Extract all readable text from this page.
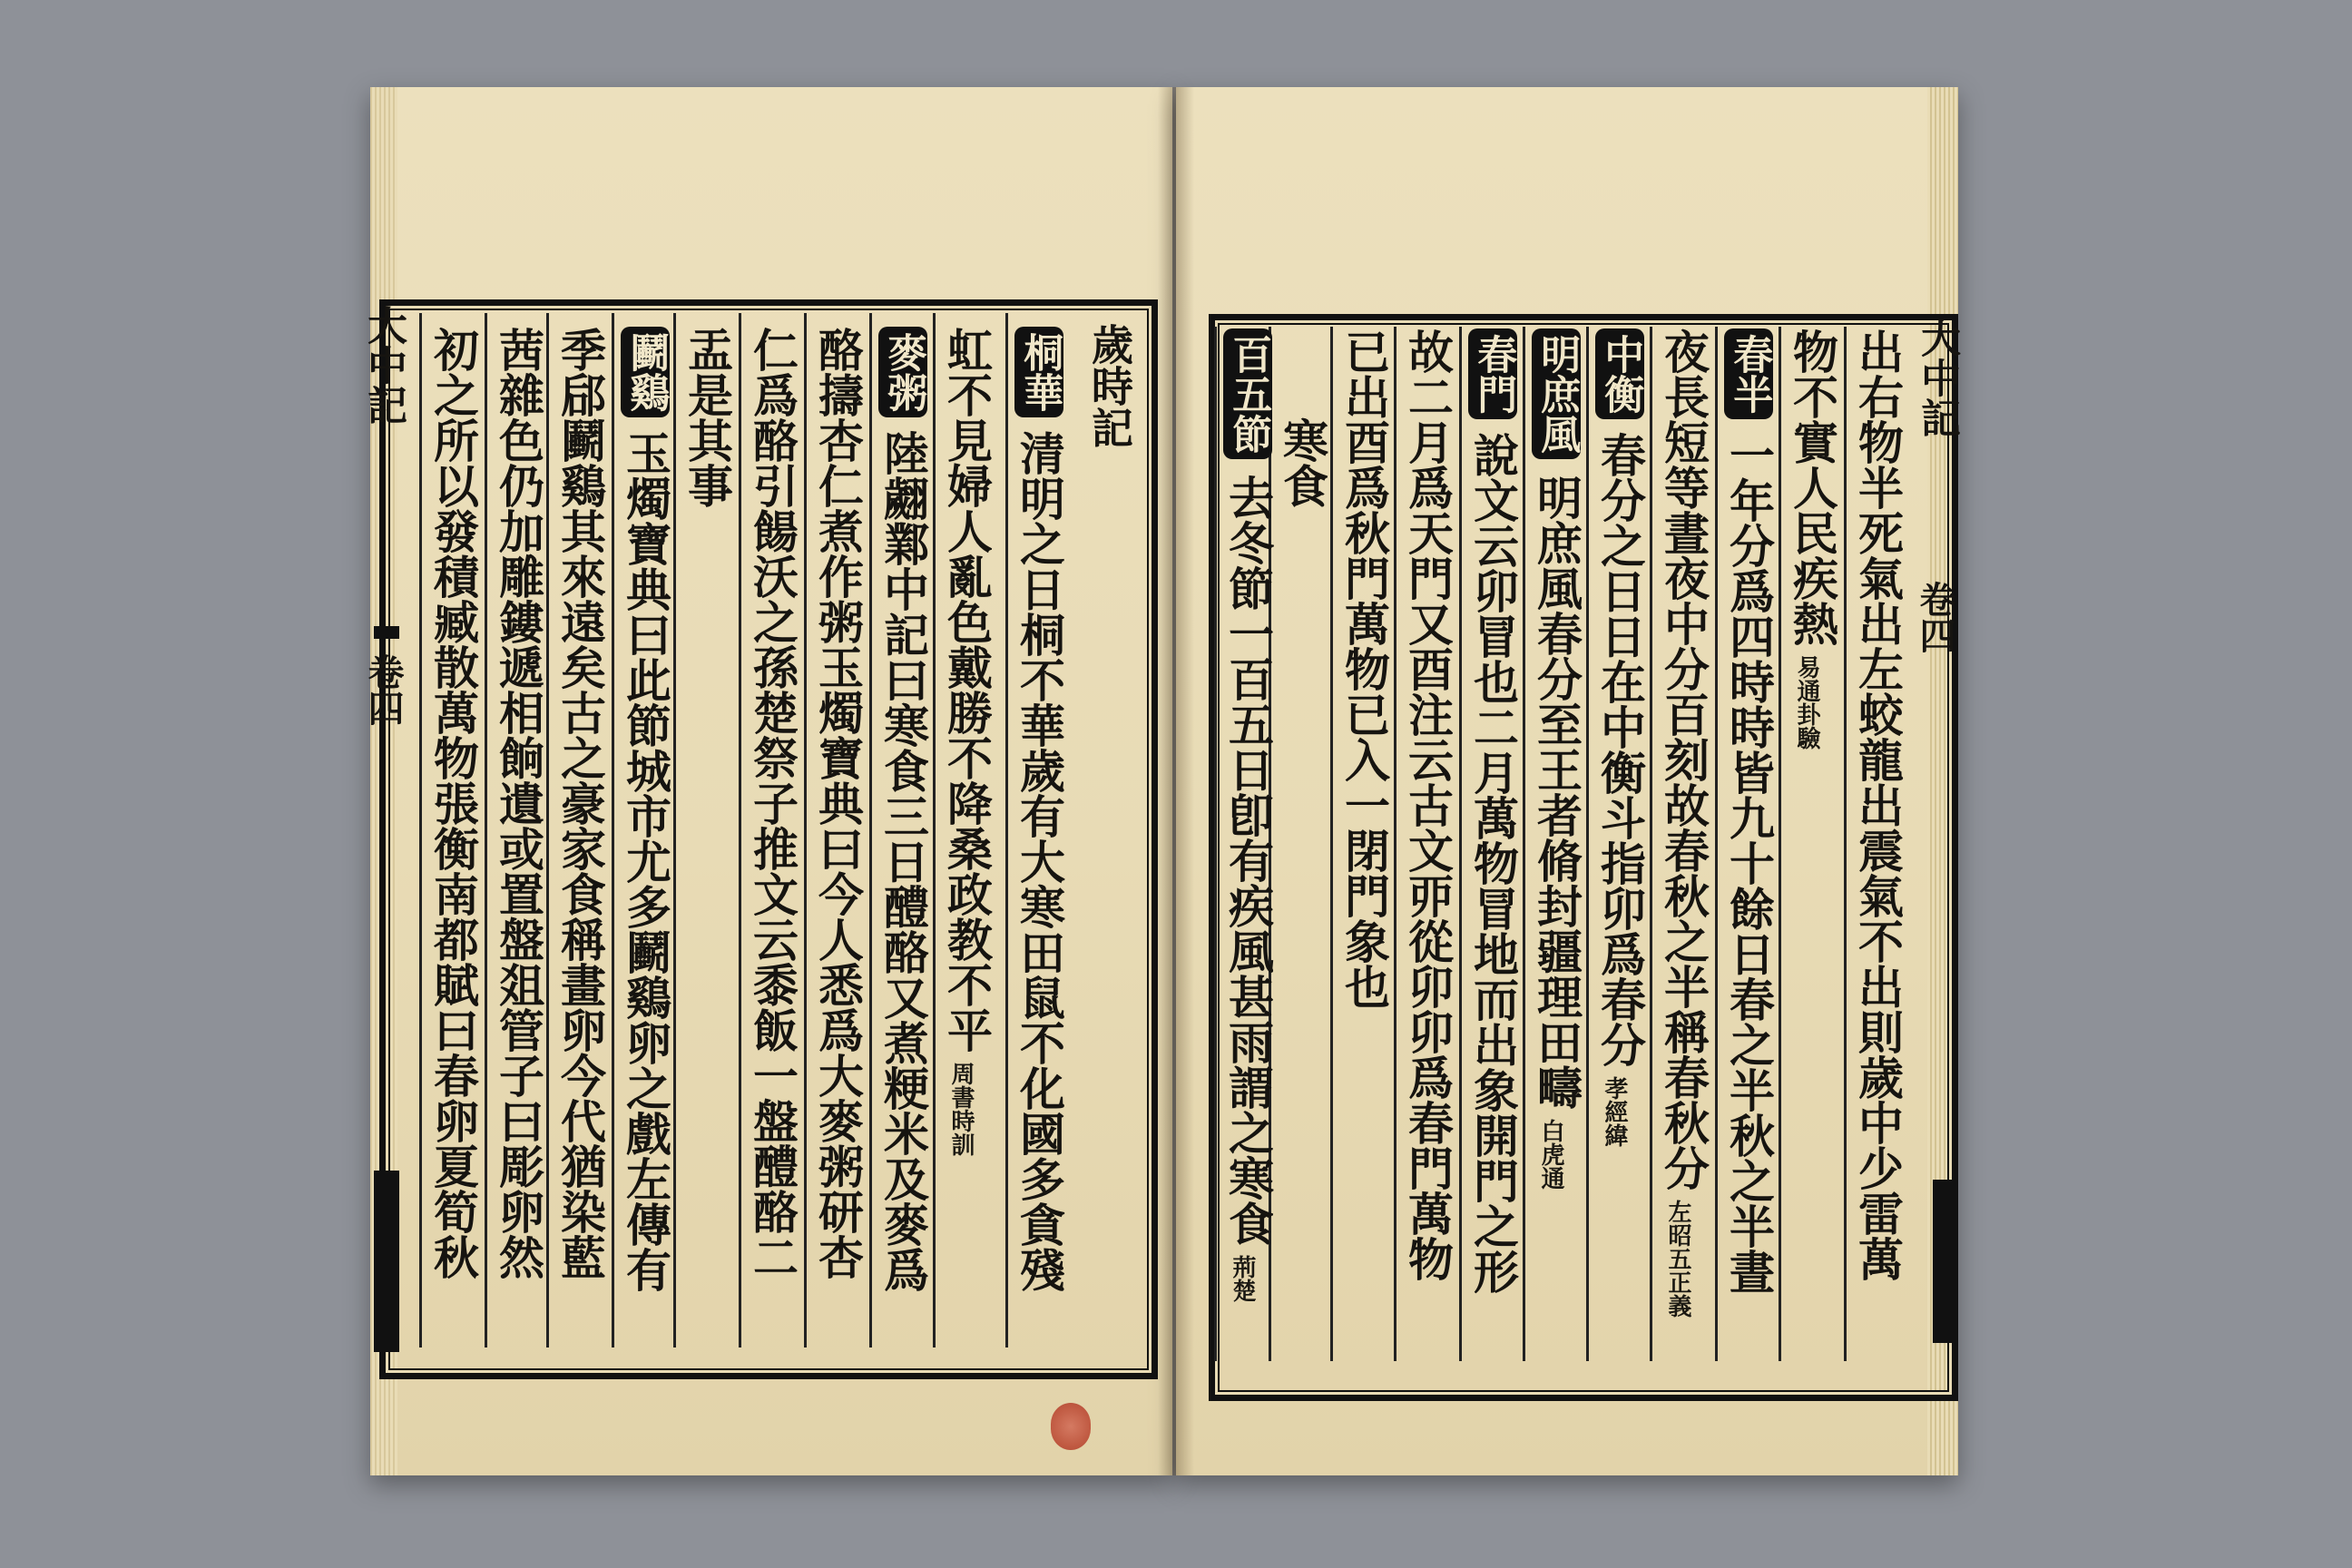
大中記
卷四
大中記
卷四
桐華
清明之日桐不華歲有大寒田鼠不化國多貪殘
虹不見婦人亂色戴勝不降桑政教不平
周書時訓
麥粥
陸翽鄴中記曰寒食三日醴酪又煮粳米及麥爲
酪擣杏仁煮作粥玉燭寶典曰今人悉爲大麥粥研杏
仁爲酪引餳沃之孫楚祭子推文云黍飯一盤醴酪二
盂是其事
鬬鷄
玉燭寶典曰此節城市尤多鬬鷄卵之戲左傳有
季郈鬬鷄其來遠矣古之豪家食稱畫卵今代猶染藍
茜雜色仍加雕鏤遞相餉遺或置盤爼管子曰彫卵然
初之所以發積臧散萬物張衡南都賦曰春卵夏筍秋	歲時記	出右物半死氣出左蛟龍出震氣不出則歲中少雷萬
物不實人民疾熱
易通卦驗
春半
一年分爲四時時皆九十餘日春之半秋之半晝
夜長短等晝夜中分百刻故春秋之半稱春秋分
左昭五正義
中衡
春分之日日在中衡斗指卯爲春分
孝經緯
明庶風
明庶風春分至王者脩封疆理田疇
白虎通
春門
說文云卯冒也二月萬物冒地而出象開門之形
故二月爲天門又酉注云古文丣從卯卯爲春門萬物
已出酉爲秋門萬物已入一閉門象也
寒食
百五節
去冬節一百五日卽有疾風甚雨謂之寒食
荊楚
